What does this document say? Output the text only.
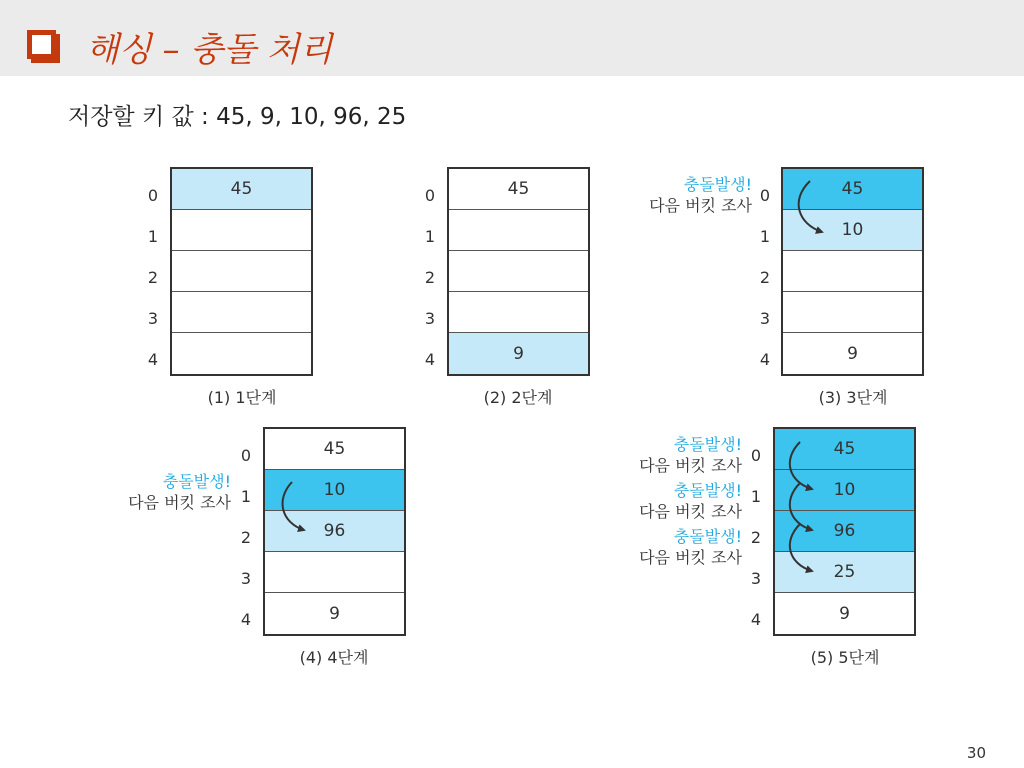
해싱 – 충돌 처리
저장할 키 값 : 45, 9, 10, 96, 25
0
1
2
3
4
45
(1) 1단계
0
1
2
3
4
45
9
(2) 2단계
충돌발생!
다음 버킷 조사
0
1
2
3
4
45
10
9
(3) 3단계
충돌발생!
다음 버킷 조사
0
1
2
3
4
45
10
96
9
(4) 4단계
충돌발생!
다음 버킷 조사
충돌발생!
다음 버킷 조사
충돌발생!
다음 버킷 조사
0
1
2
3
4
45
10
96
25
9
(5) 5단계
30
